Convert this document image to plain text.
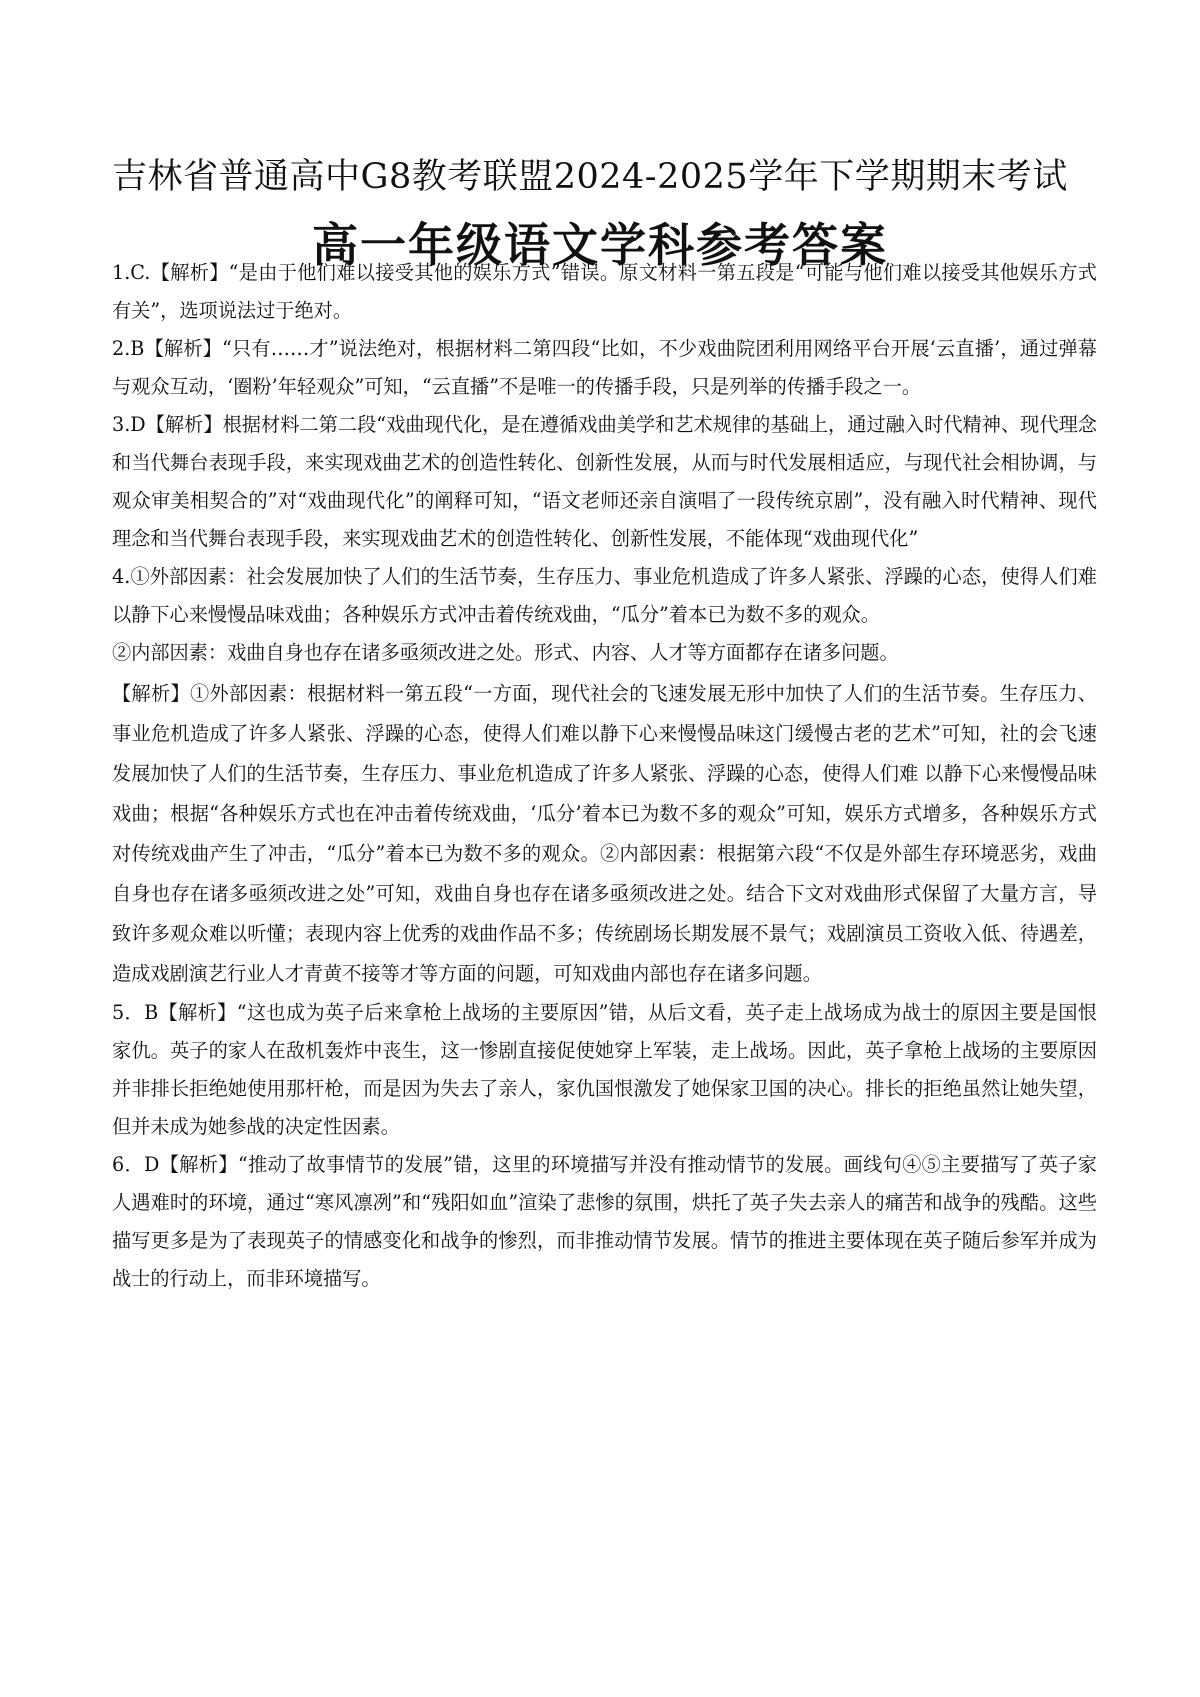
吉林省普通高中G8教考联盟2024-2025学年下学期期末考试
高一年级语文学科参考答案

1.C.【解析】“是由于他们难以接受其他的娱乐方式”错误。原文材料一第五段是“可能与他们难以接受其他娱乐方式有关”，选项说法过于绝对。

2.B【解析】“只有……才”说法绝对，根据材料二第四段“比如，不少戏曲院团利用网络平台开展‘云直播’，通过弹幕与观众互动，‘圈粉’年轻观众”可知，“云直播”不是唯一的传播手段，只是列举的传播手段之一。

3.D【解析】根据材料二第二段“戏曲现代化，是在遵循戏曲美学和艺术规律的基础上，通过融入时代精神、现代理念和当代舞台表现手段，来实现戏曲艺术的创造性转化、创新性发展，从而与时代发展相适应，与现代社会相协调，与观众审美相契合的”对“戏曲现代化”的阐释可知，“语文老师还亲自演唱了一段传统京剧”，没有融入时代精神、现代理念和当代舞台表现手段，来实现戏曲艺术的创造性转化、创新性发展，不能体现“戏曲现代化”

4.①外部因素：社会发展加快了人们的生活节奏，生存压力、事业危机造成了许多人紧张、浮躁的心态，使得人们难以静下心来慢慢品味戏曲；各种娱乐方式冲击着传统戏曲，“瓜分”着本已为数不多的观众。

②内部因素：戏曲自身也存在诸多亟须改进之处。形式、内容、人才等方面都存在诸多问题。

【解析】①外部因素：根据材料一第五段“一方面，现代社会的飞速发展无形中加快了人们的生活节奏。生存压力、事业危机造成了许多人紧张、浮躁的心态，使得人们难以静下心来慢慢品味这门缓慢古老的艺术”可知，社的会飞速发展加快了人们的生活节奏，生存压力、事业危机造成了许多人紧张、浮躁的心态，使得人们难 以静下心来慢慢品味戏曲；根据“各种娱乐方式也在冲击着传统戏曲，‘瓜分’着本已为数不多的观众”可知，娱乐方式增多，各种娱乐方式对传统戏曲产生了冲击，“瓜分”着本已为数不多的观众。②内部因素：根据第六段“不仅是外部生存环境恶劣，戏曲自身也存在诸多亟须改进之处”可知，戏曲自身也存在诸多亟须改进之处。结合下文对戏曲形式保留了大量方言，导致许多观众难以听懂；表现内容上优秀的戏曲作品不多；传统剧场长期发展不景气；戏剧演员工资收入低、待遇差，造成戏剧演艺行业人才青黄不接等才等方面的问题，可知戏曲内部也存在诸多问题。

5．B【解析】“这也成为英子后来拿枪上战场的主要原因”错，从后文看，英子走上战场成为战士的原因主要是国恨家仇。英子的家人在敌机轰炸中丧生，这一惨剧直接促使她穿上军装，走上战场。因此，英子拿枪上战场的主要原因并非排长拒绝她使用那杆枪，而是因为失去了亲人，家仇国恨激发了她保家卫国的决心。排长的拒绝虽然让她失望，但并未成为她参战的决定性因素。

6．D【解析】“推动了故事情节的发展”错，这里的环境描写并没有推动情节的发展。画线句④⑤主要描写了英子家人遇难时的环境，通过“寒风凛冽”和“残阳如血”渲染了悲惨的氛围，烘托了英子失去亲人的痛苦和战争的残酷。这些描写更多是为了表现英子的情感变化和战争的惨烈，而非推动情节发展。情节的推进主要体现在英子随后参军并成为战士的行动上，而非环境描写。
